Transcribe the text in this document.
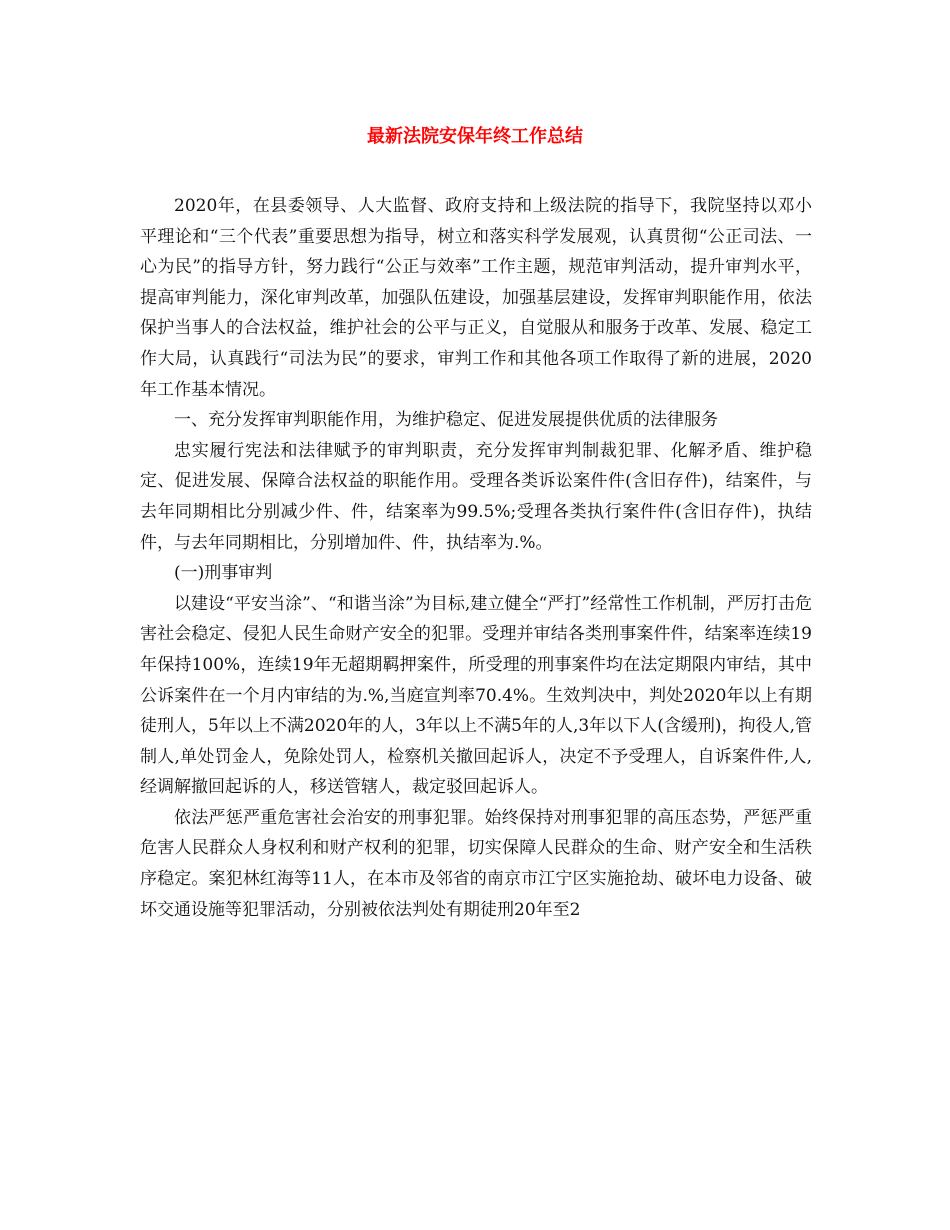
最新法院安保年终工作总结

2020年，在县委领导、人大监督、政府支持和上级法院的指导下，我院坚持以邓小平理论和“三个代表”重要思想为指导，树立和落实科学发展观，认真贯彻“公正司法、一心为民”的指导方针，努力践行“公正与效率”工作主题，规范审判活动，提升审判水平，提高审判能力，深化审判改革，加强队伍建设，加强基层建设，发挥审判职能作用，依法保护当事人的合法权益，维护社会的公平与正义，自觉服从和服务于改革、发展、稳定工作大局，认真践行“司法为民”的要求，审判工作和其他各项工作取得了新的进展，2020年工作基本情况。

一、充分发挥审判职能作用，为维护稳定、促进发展提供优质的法律服务

忠实履行宪法和法律赋予的审判职责，充分发挥审判制裁犯罪、化解矛盾、维护稳定、促进发展、保障合法权益的职能作用。受理各类诉讼案件件(含旧存件)，结案件，与去年同期相比分别减少件、件，结案率为99.5%;受理各类执行案件件(含旧存件)，执结件，与去年同期相比，分别增加件、件，执结率为.%。

(一)刑事审判

以建设“平安当涂”、“和谐当涂”为目标,建立健全“严打”经常性工作机制，严厉打击危害社会稳定、侵犯人民生命财产安全的犯罪。受理并审结各类刑事案件件，结案率连续19年保持100%，连续19年无超期羁押案件，所受理的刑事案件均在法定期限内审结，其中公诉案件在一个月内审结的为.%,当庭宣判率70.4%。生效判决中，判处2020年以上有期徒刑人，5年以上不满2020年的人，3年以上不满5年的人,3年以下人(含缓刑)，拘役人,管制人,单处罚金人，免除处罚人，检察机关撤回起诉人，决定不予受理人，自诉案件件,人,经调解撤回起诉的人，移送管辖人，裁定驳回起诉人。

依法严惩严重危害社会治安的刑事犯罪。始终保持对刑事犯罪的高压态势，严惩严重危害人民群众人身权利和财产权利的犯罪，切实保障人民群众的生命、财产安全和生活秩序稳定。案犯林红海等11人，在本市及邻省的南京市江宁区实施抢劫、破坏电力设备、破坏交通设施等犯罪活动，分别被依法判处有期徒刑20年至2
